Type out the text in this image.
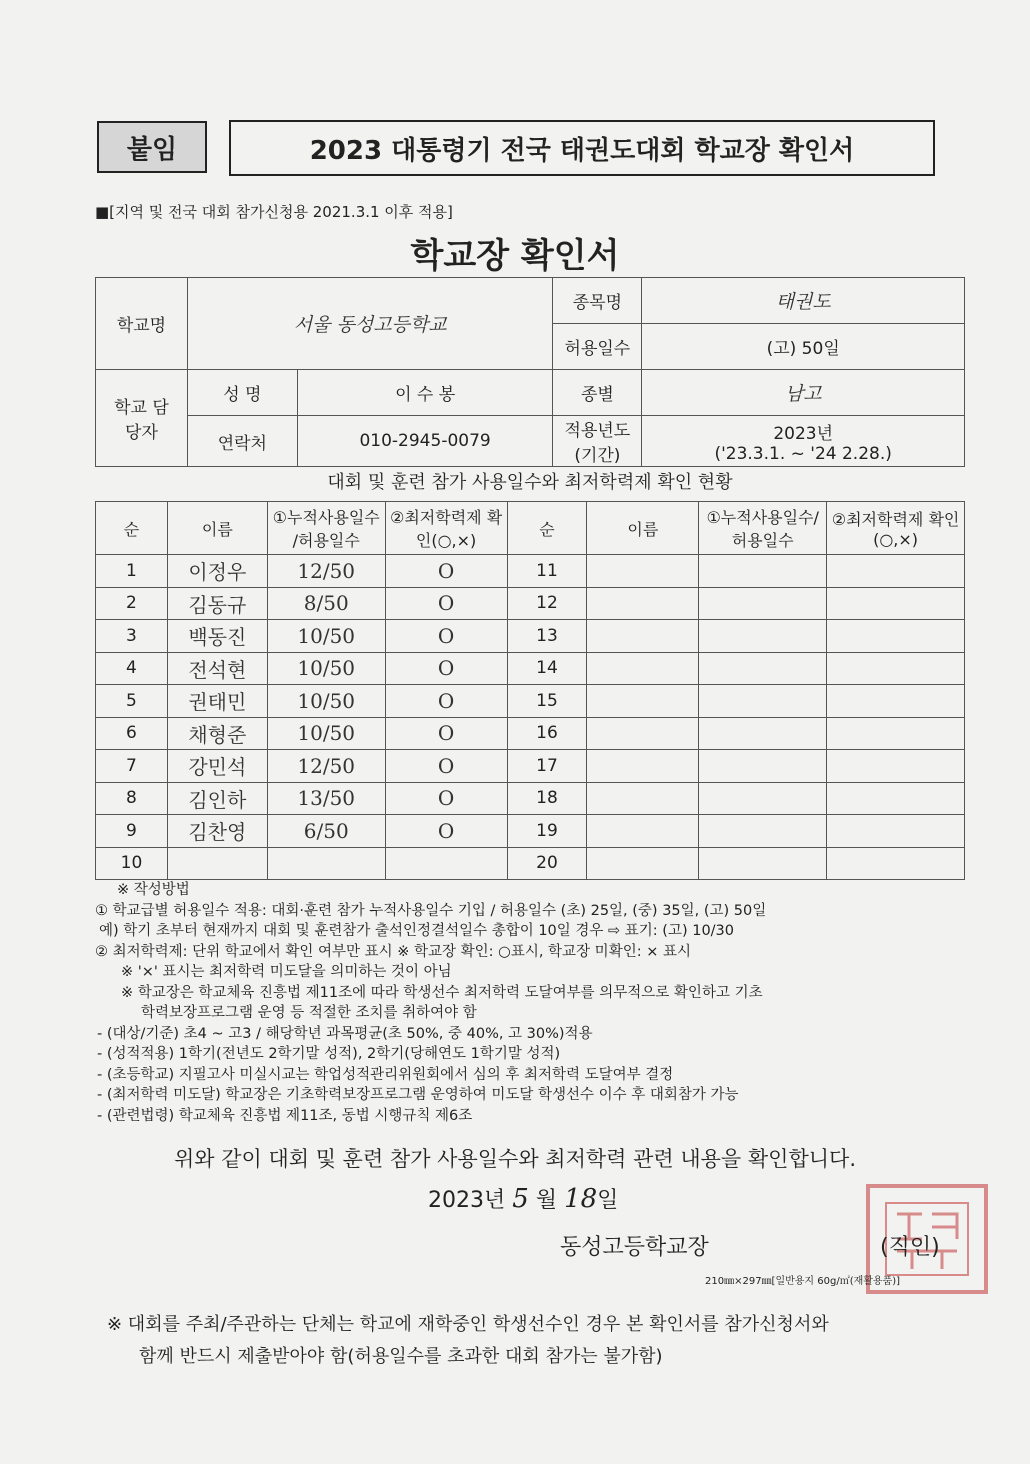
붙임	2023 대통령기 전국 태권도대회 학교장 확인서
■[지역 및 전국 대회 참가신청용 2021.3.1 이후 적용]
학교장 확인서
학교명	서울 동성고등학교		종목명	태권도
			허용일수	(고) 50일
학교 담당자	성 명	이 수 봉	종별	남고
	연락처	010-2945-0079	적용년도 (기간)	2023년
('23.3.1. ~ '24 2.28.)
대회 및 훈련 참가 사용일수와 최저학력제 확인 현황
순	이름	①누적사용일수 /허용일수	②최저학력제 확인(○,×)	순	이름	①누적사용일수/ 허용일수	②최저학력제 확인(○,×)
1	이정우	12/50	O	11			
2	김동규	8/50	O	12			
3	백동진	10/50	O	13			
4	전석현	10/50	O	14			
5	권태민	10/50	O	15			
6	채형준	10/50	O	16			
7	강민석	12/50	O	17			
8	김인하	13/50	O	18			
9	김찬영	6/50	O	19			
10				20			
※ 작성방법
① 학교급별 허용일수 적용: 대회·훈련 참가 누적사용일수 기입 / 허용일수 (초) 25일, (중) 35일, (고) 50일
예) 학기 초부터 현재까지 대회 및 훈련참가 출석인정결석일수 총합이 10일 경우 ⇨ 표기: (고) 10/30
② 최저학력제: 단위 학교에서 확인 여부만 표시 ※ 학교장 확인: ○표시, 학교장 미확인: × 표시
※ '×' 표시는 최저학력 미도달을 의미하는 것이 아님
※ 학교장은 학교체육 진흥법 제11조에 따라 학생선수 최저학력 도달여부를 의무적으로 확인하고 기초
학력보장프로그램 운영 등 적절한 조치를 취하여야 함
- (대상/기준) 초4 ~ 고3 / 해당학년 과목평균(초 50%, 중 40%, 고 30%)적용
- (성적적용) 1학기(전년도 2학기말 성적), 2학기(당해연도 1학기말 성적)
- (초등학교) 지필고사 미실시교는 학업성적관리위원회에서 심의 후 최저학력 도달여부 결정
- (최저학력 미도달) 학교장은 기초학력보장프로그램 운영하여 미도달 학생선수 이수 후 대회참가 가능
- (관련법령) 학교체육 진흥법 제11조, 동법 시행규칙 제6조
위와 같이 대회 및 훈련 참가 사용일수와 최저학력 관련 내용을 확인합니다.
2023년 5 월 18일
동성고등학교장	(직인)
210㎜×297㎜[일반용지 60g/㎡(재활용품)]
※ 대회를 주최/주관하는 단체는 학교에 재학중인 학생선수인 경우 본 확인서를 참가신청서와
함께 반드시 제출받아야 함(허용일수를 초과한 대회 참가는 불가함)
